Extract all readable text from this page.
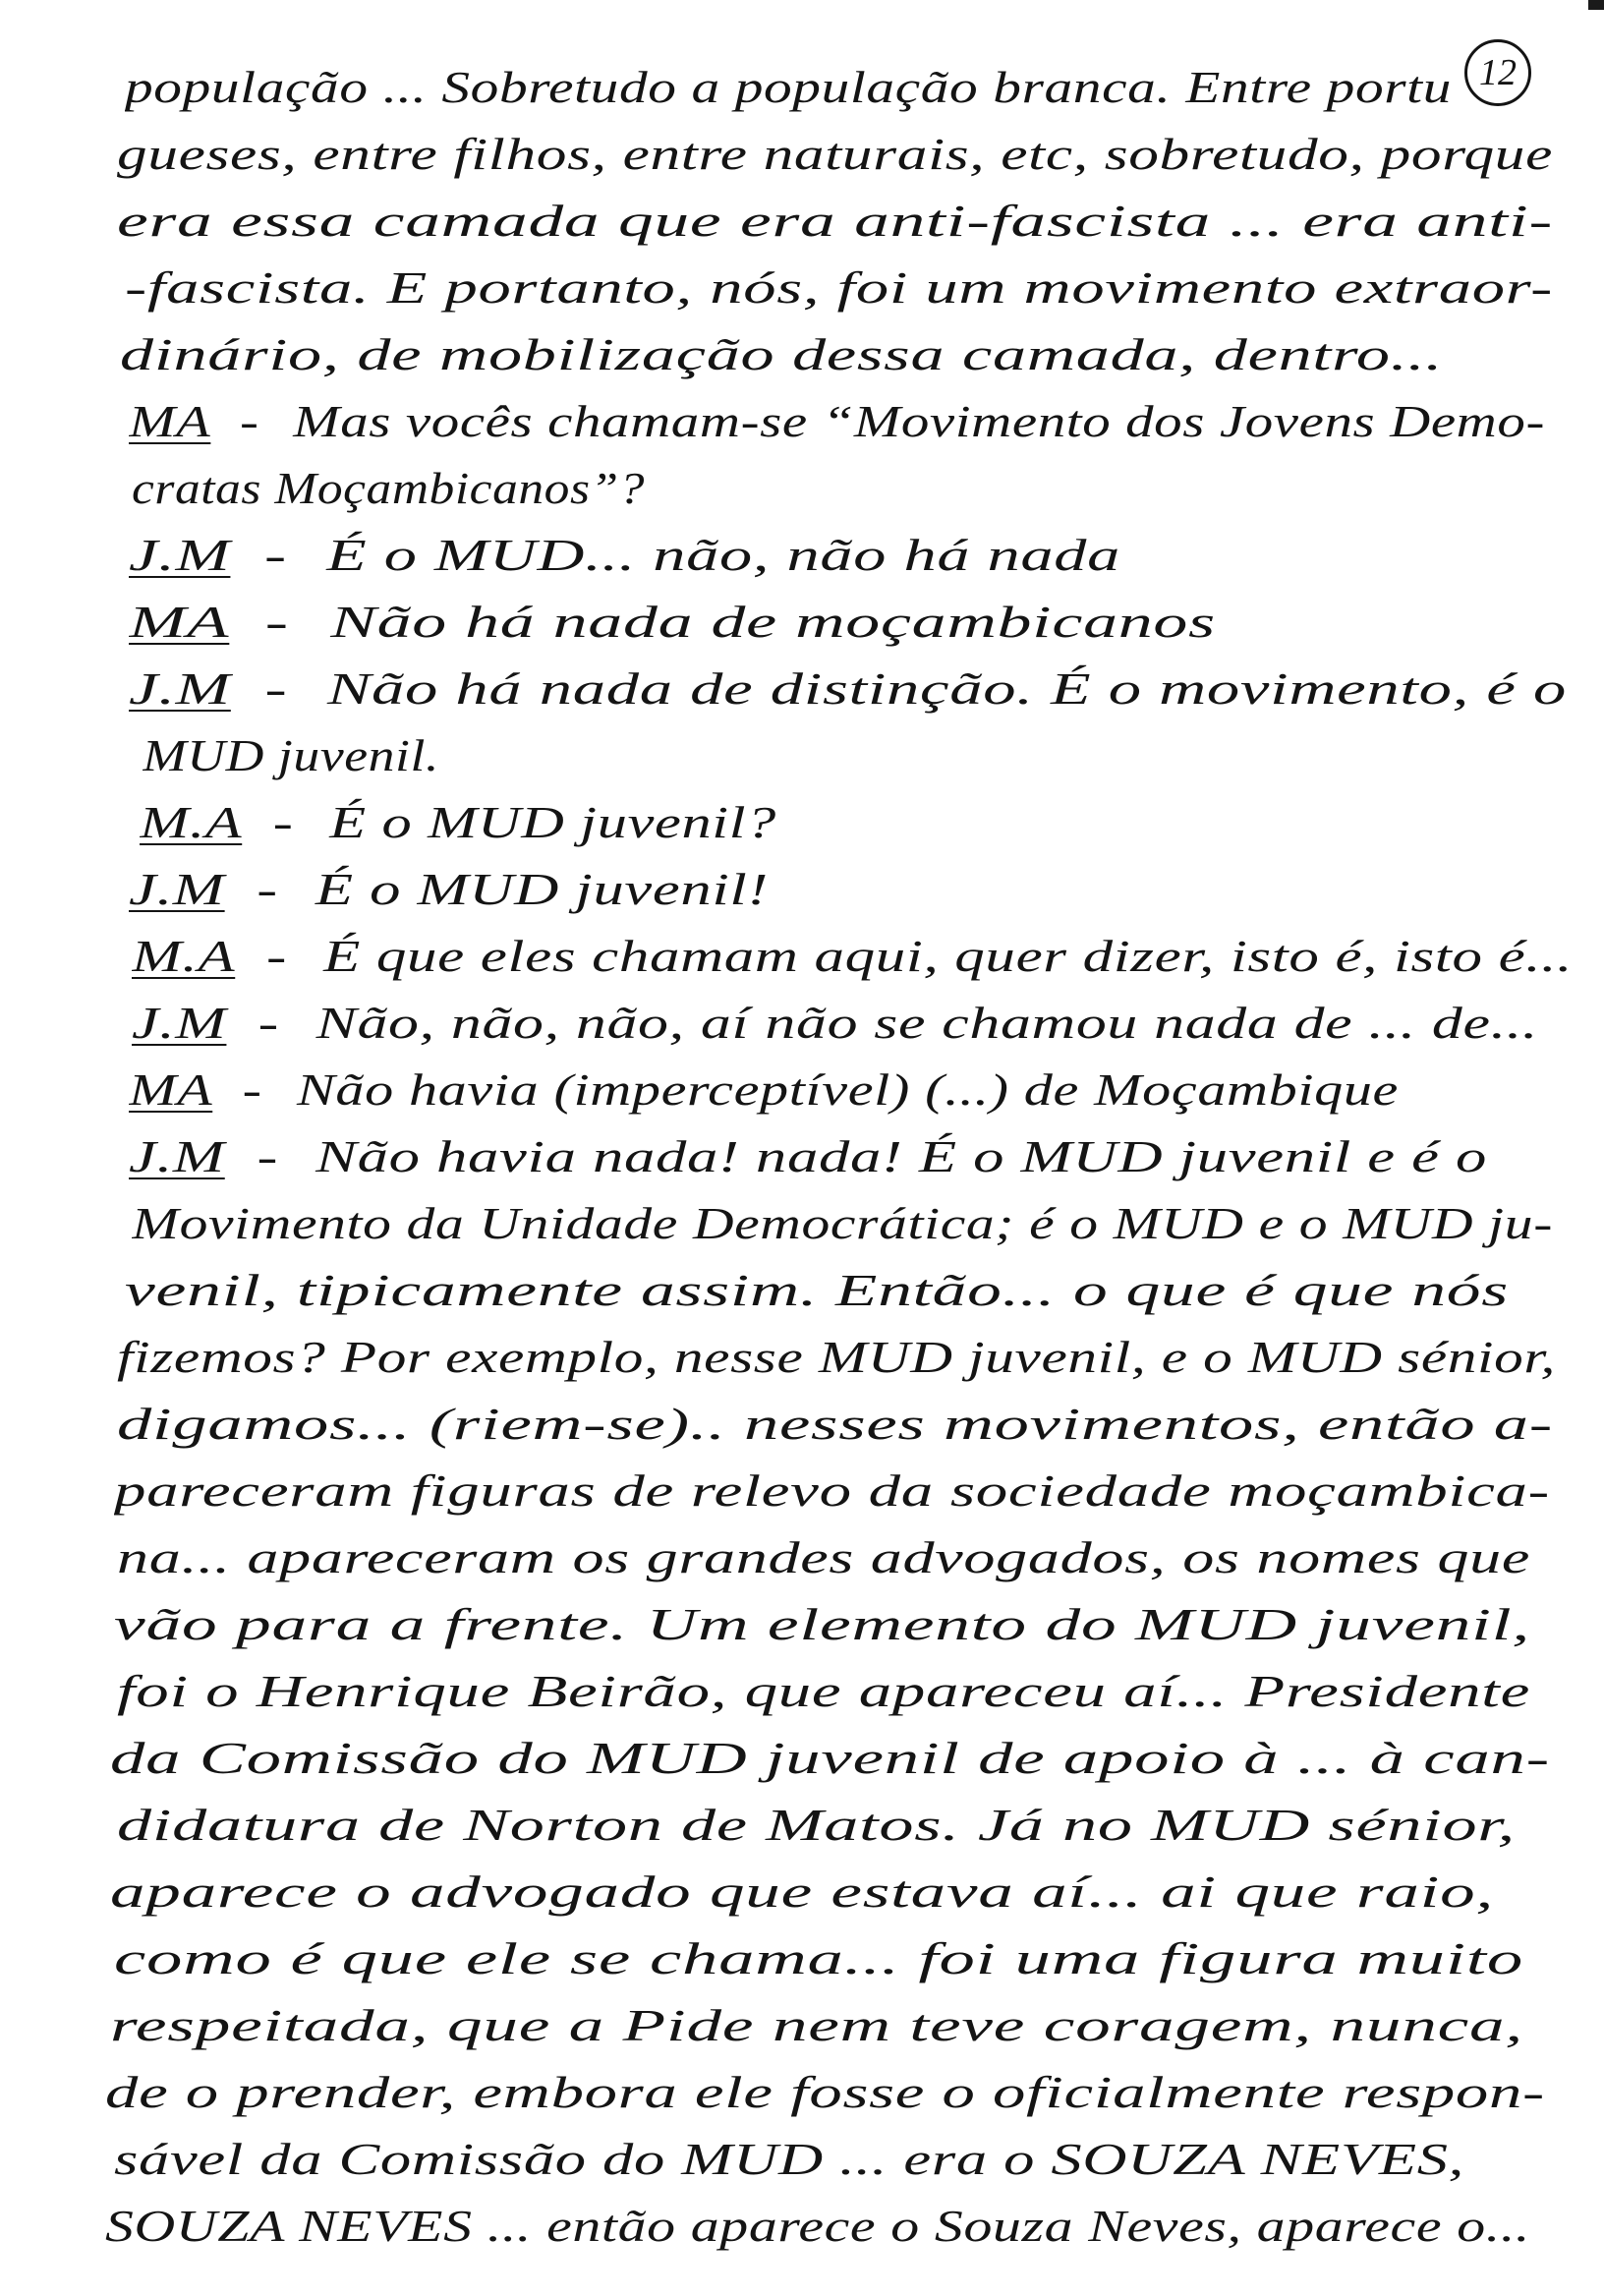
12
população ... Sobretudo a população branca. Entre portu
gueses, entre filhos, entre naturais, etc, sobretudo, porque
era essa camada que era anti-fascista ... era anti-
-fascista. E portanto, nós, foi um movimento extraor-
dinário, de mobilização dessa camada, dentro...
MA - Mas vocês chamam-se “Movimento dos Jovens Demo-
cratas Moçambicanos”?
J.M - É o MUD... não, não há nada
MA - Não há nada de moçambicanos
J.M - Não há nada de distinção. É o movimento, é o
MUD juvenil.
M.A - É o MUD juvenil?
J.M - É o MUD juvenil!
M.A - É que eles chamam aqui, quer dizer, isto é, isto é...
J.M - Não, não, não, aí não se chamou nada de ... de...
MA - Não havia (imperceptível) (...) de Moçambique
J.M - Não havia nada! nada! É o MUD juvenil e é o
Movimento da Unidade Democrática; é o MUD e o MUD ju-
venil, tipicamente assim. Então... o que é que nós
fizemos? Por exemplo, nesse MUD juvenil, e o MUD sénior,
digamos... (riem-se).. nesses movimentos, então a-
pareceram figuras de relevo da sociedade moçambica-
na... apareceram os grandes advogados, os nomes que
vão para a frente. Um elemento do MUD juvenil,
foi o Henrique Beirão, que apareceu aí... Presidente
da Comissão do MUD juvenil de apoio à ... à can-
didatura de Norton de Matos. Já no MUD sénior,
aparece o advogado que estava aí... ai que raio,
como é que ele se chama... foi uma figura muito
respeitada, que a Pide nem teve coragem, nunca,
de o prender, embora ele fosse o oficialmente respon-
sável da Comissão do MUD ... era o SOUZA NEVES,
SOUZA NEVES ... então aparece o Souza Neves, aparece o...
